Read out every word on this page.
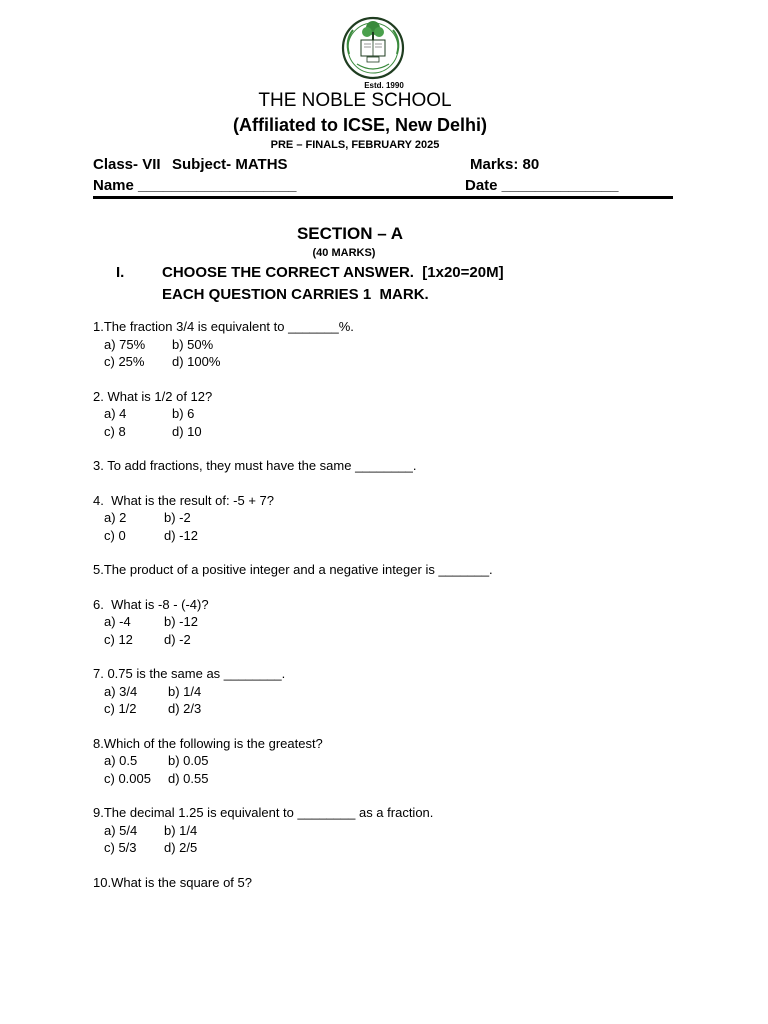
Estd. 1990
THE NOBLE SCHOOL
(Affiliated to ICSE, New Delhi)
PRE – FINALS, FEBRUARY 2025
Class- VII Subject- MATHS	Marks: 80
Name ___________________	Date ______________
SECTION – A
(40 MARKS)
I.	CHOOSE THE CORRECT ANSWER.  [1x20=20M]
EACH QUESTION CARRIES 1  MARK.
1.The fraction 3/4 is equivalent to _______%.
a) 75% b) 50%
c) 25% d) 100%
2. What is 1/2 of 12?
a) 4	b) 6
c) 8	d) 10
3. To add fractions, they must have the same ________.
4.  What is the result of: -5 + 7?
a) 2	b) -2
c) 0	d) -12
5.The product of a positive integer and a negative integer is _______.
6.  What is -8 - (-4)?
a) -4	b) -12
c) 12 d) -2
7. 0.75 is the same as ________.
a) 3/4 b) 1/4
c) 1/2 d) 2/3
8.Which of the following is the greatest?
a) 0.5 b) 0.05
c) 0.005 d) 0.55
9.The decimal 1.25 is equivalent to ________ as a fraction.
a) 5/4 b) 1/4
c) 5/3 d) 2/5
10.What is the square of 5?
